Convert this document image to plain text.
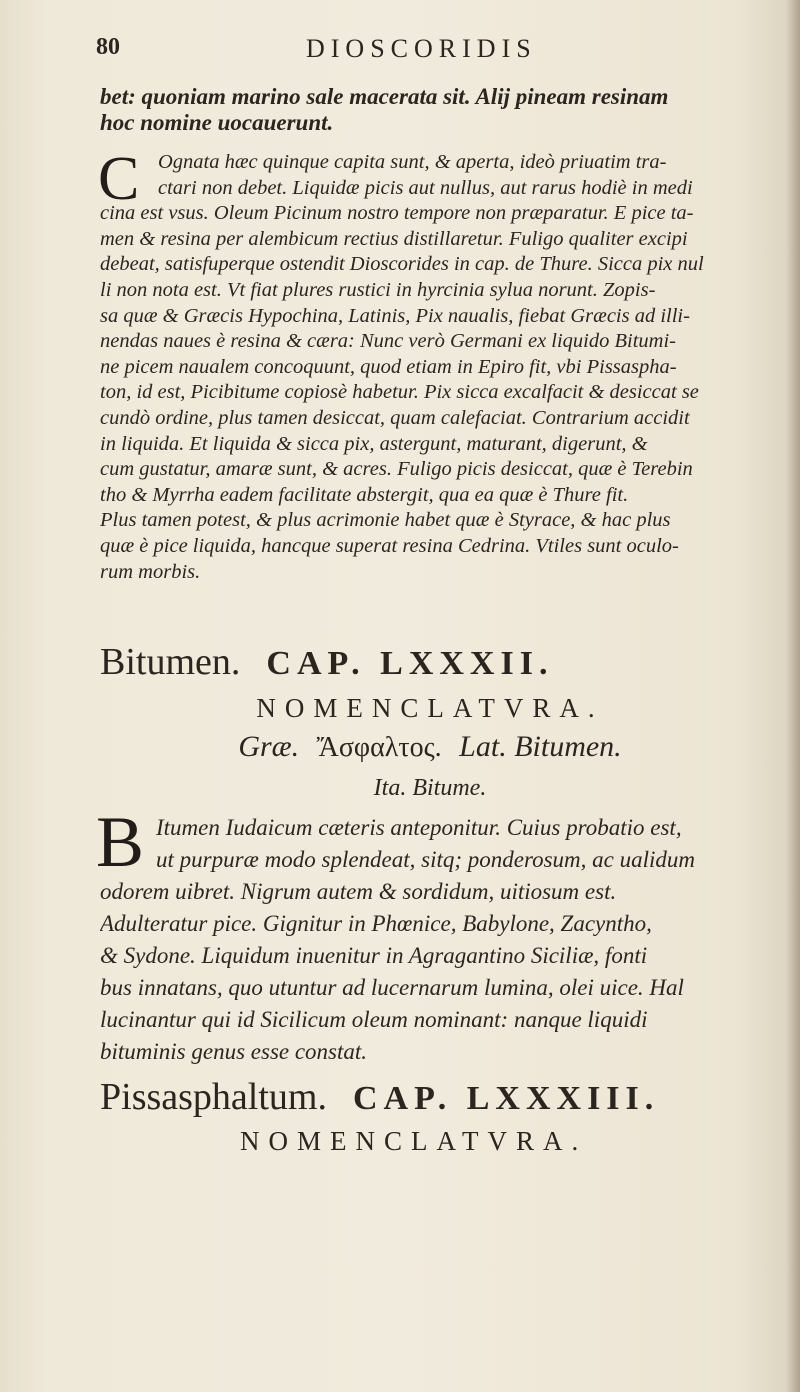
80	DIOSCORIDIS
bet: quoniam marino sale macerata sit. Alij pineam resinam
hoc nomine uocauerunt.
C Ognata hæc quinque capita sunt, & aperta, ideò priuatim tra-
ctari non debet. Liquidæ picis aut nullus, aut rarus hodiè in medi
cina est vsus. Oleum Picinum nostro tempore non præparatur. E pice ta-
men & resina per alembicum rectius distillaretur. Fuligo qualiter excipi
debeat, satisfuperque ostendit Dioscorides in cap. de Thure. Sicca pix nul
li non nota est. Vt fiat plures rustici in hyrcinia sylua norunt. Zopis-
sa quæ & Græcis Hypochina, Latinis, Pix naualis, fiebat Græcis ad illi-
nendas naues è resina & cæra: Nunc verò Germani ex liquido Bitumi-
ne picem naualem concoquunt, quod etiam in Epiro fit, vbi Pissaspha-
ton, id est, Picibitume copiosè habetur. Pix sicca excalfacit & desiccat se
cundò ordine, plus tamen desiccat, quam calefaciat. Contrarium accidit
in liquida. Et liquida & sicca pix, astergunt, maturant, digerunt, &
cum gustatur, amaræ sunt, & acres. Fuligo picis desiccat, quæ è Terebin
tho & Myrrha eadem facilitate abstergit, qua ea quæ è Thure fit.
Plus tamen potest, & plus acrimonie habet quæ è Styrace, & hac plus
quæ è pice liquida, hancque superat resina Cedrina. Vtiles sunt oculo-
rum morbis.
Bitumen. CAP. LXXXII.
NOMENCLATVRA.
Græ. Ἄσφαλτος. Lat. Bitumen.
Ita. Bitume.
B Itumen Iudaicum cæteris anteponitur. Cuius probatio est,
ut purpuræ modo splendeat, sitq; ponderosum, ac ualidum
odorem uibret. Nigrum autem & sordidum, uitiosum est.
Adulteratur pice. Gignitur in Phœnice, Babylone, Zacyntho,
& Sydone. Liquidum inuenitur in Agragantino Siciliæ, fonti
bus innatans, quo utuntur ad lucernarum lumina, olei uice. Hal
lucinantur qui id Sicilicum oleum nominant: nanque liquidi
bituminis genus esse constat.
Pissasphaltum. CAP. LXXXIII.
NOMENCLATVRA.
